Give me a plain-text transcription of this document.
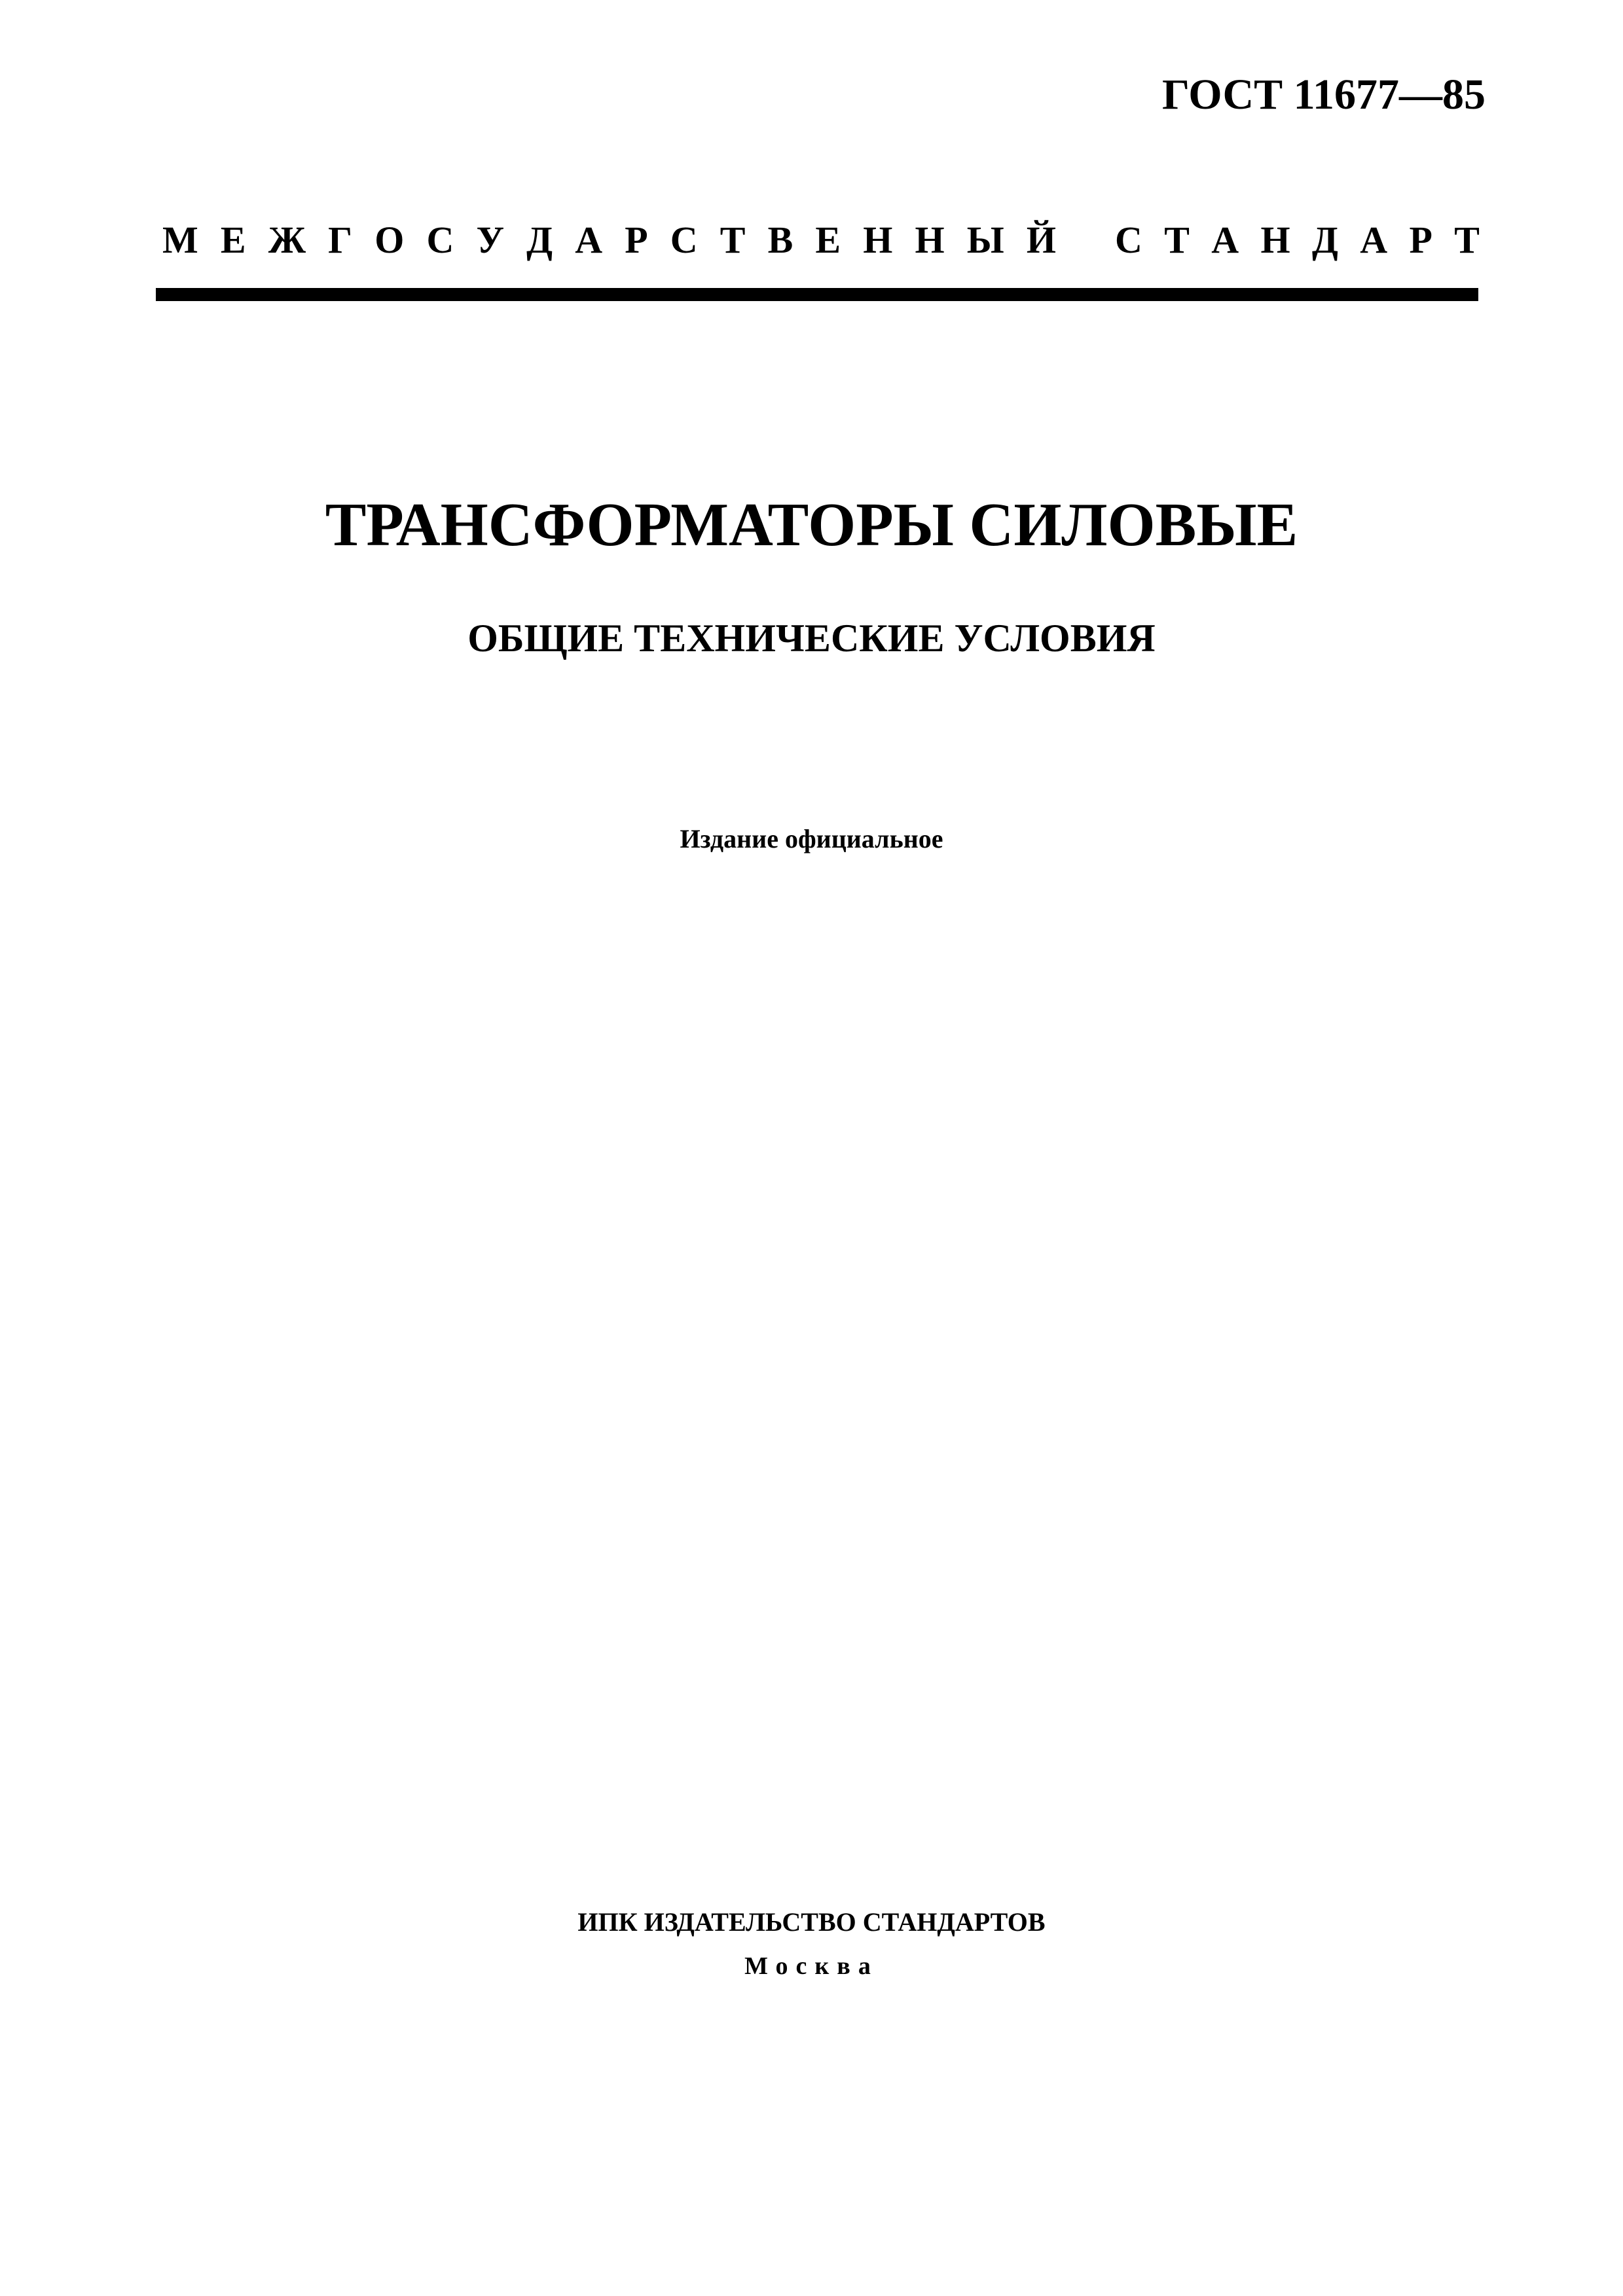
ГОСТ 11677—85
М Е Ж Г О С У Д А Р С Т В Е Н Н Ы Й С Т А Н Д А Р Т
ТРАНСФОРМАТОРЫ СИЛОВЫЕ
ОБЩИЕ ТЕХНИЧЕСКИЕ УСЛОВИЯ
Издание официальное
ИПК ИЗДАТЕЛЬСТВО СТАНДАРТОВ
Москва
